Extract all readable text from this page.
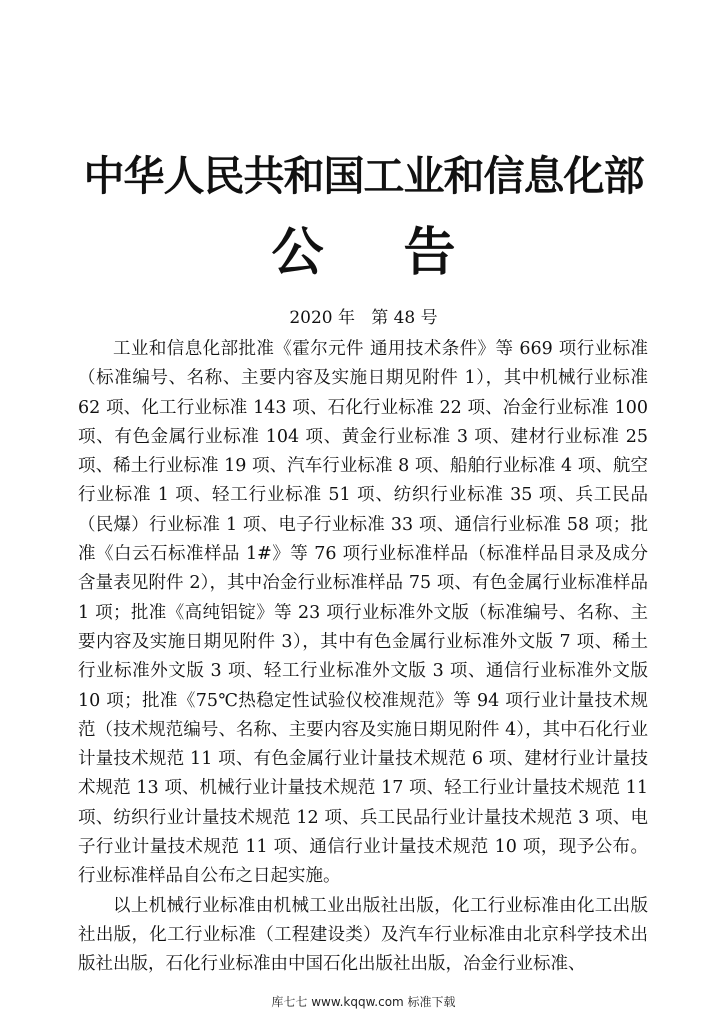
中华人民共和国工业和信息化部
公告
2020 年   第 48 号

工业和信息化部批准《霍尔元件 通用技术条件》等 669 项行业标准（标准编号、名称、主要内容及实施日期见附件 1），其中机械行业标准 62 项、化工行业标准 143 项、石化行业标准 22 项、冶金行业标准 100 项、有色金属行业标准 104 项、黄金行业标准 3 项、建材行业标准 25 项、稀土行业标准 19 项、汽车行业标准 8 项、船舶行业标准 4 项、航空行业标准 1 项、轻工行业标准 51 项、纺织行业标准 35 项、兵工民品（民爆）行业标准 1 项、电子行业标准 33 项、通信行业标准 58 项；批准《白云石标准样品 1#》等 76 项行业标准样品（标准样品目录及成分含量表见附件 2），其中冶金行业标准样品 75 项、有色金属行业标准样品 1 项；批准《高纯铝锭》等 23 项行业标准外文版（标准编号、名称、主要内容及实施日期见附件 3），其中有色金属行业标准外文版 7 项、稀土行业标准外文版 3 项、轻工行业标准外文版 3 项、通信行业标准外文版 10 项；批准《75℃热稳定性试验仪校准规范》等 94 项行业计量技术规范（技术规范编号、名称、主要内容及实施日期见附件 4），其中石化行业计量技术规范 11 项、有色金属行业计量技术规范 6 项、建材行业计量技术规范 13 项、机械行业计量技术规范 17 项、轻工行业计量技术规范 11 项、纺织行业计量技术规范 12 项、兵工民品行业计量技术规范 3 项、电子行业计量技术规范 11 项、通信行业计量技术规范 10 项，现予公布。行业标准样品自公布之日起实施。

以上机械行业标准由机械工业出版社出版，化工行业标准由化工出版社出版，化工行业标准（工程建设类）及汽车行业标准由北京科学技术出版社出版，石化行业标准由中国石化出版社出版，冶金行业标准、

库七七 www.kqqw.com 标准下载
